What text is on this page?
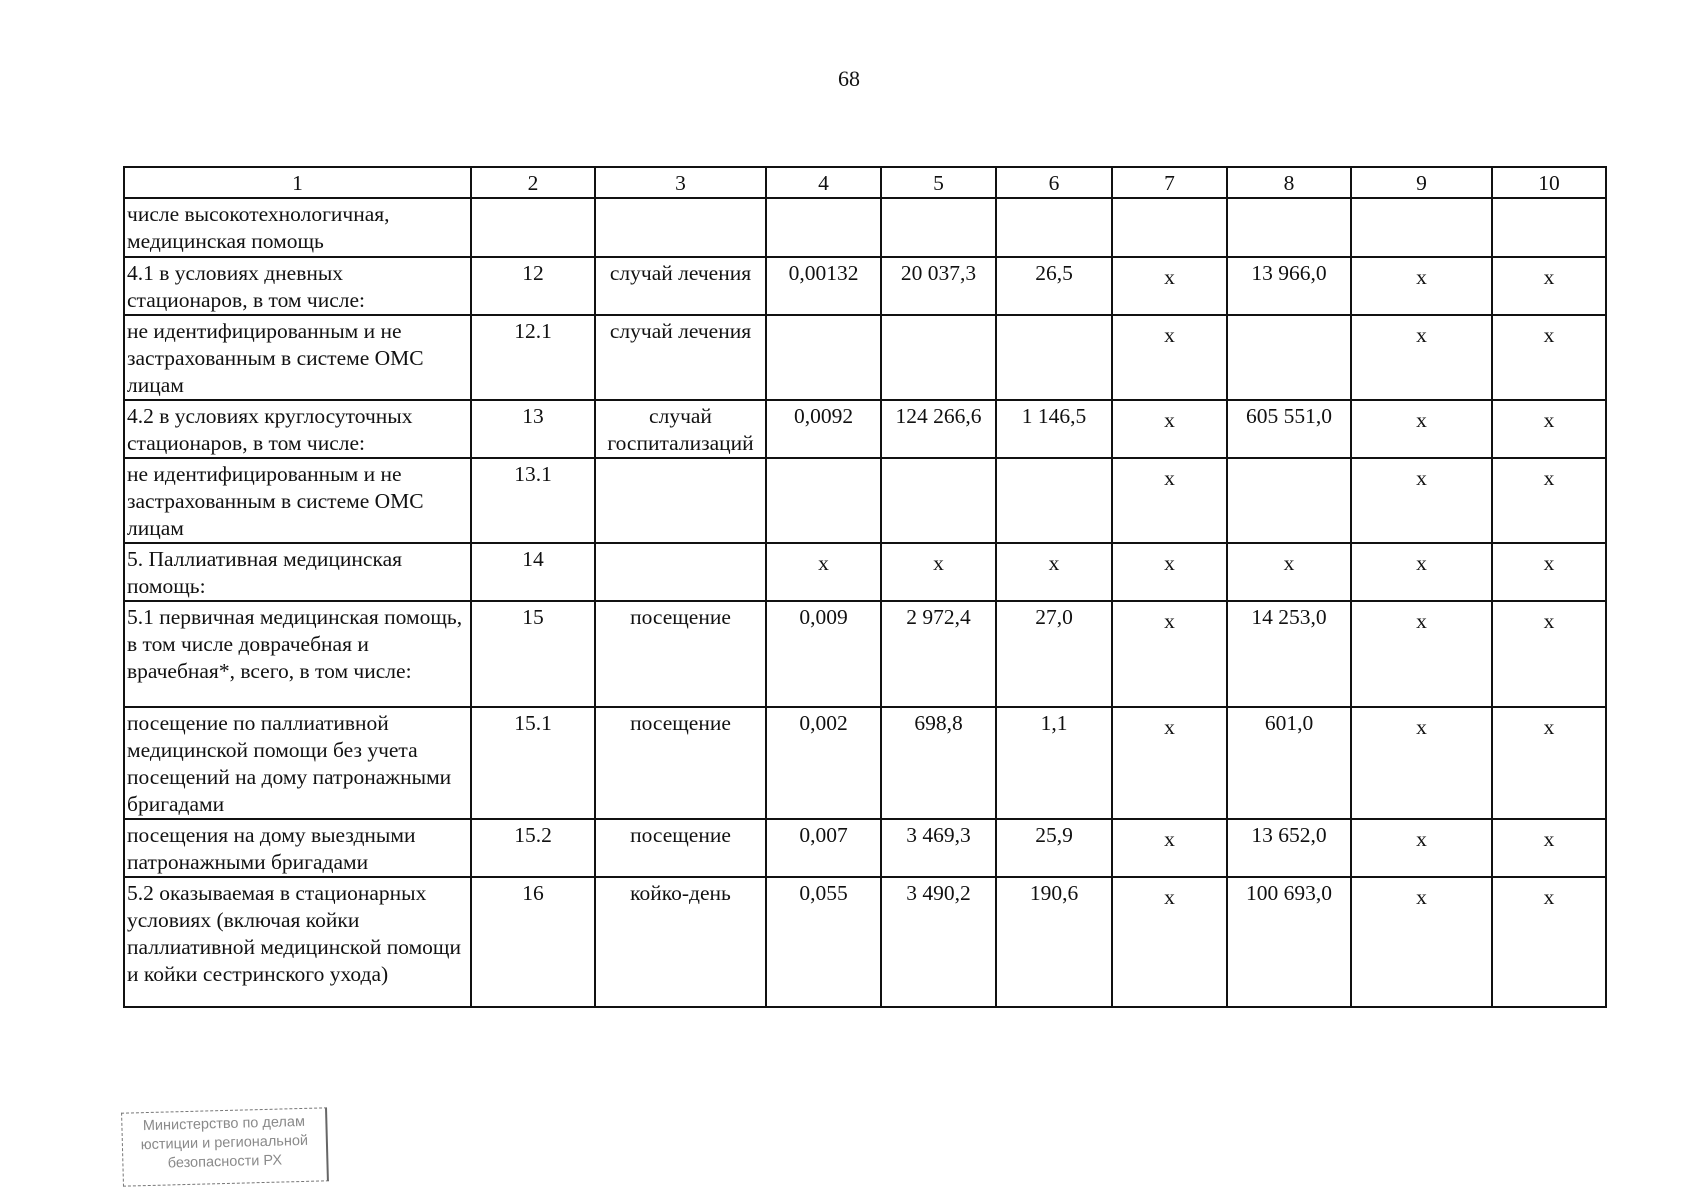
68
1	2	3	4	5	6	7	8	9	10
числе высокотехнологичная, медицинская помощь									
4.1 в условиях дневных стационаров, в том числе:	12	случай лечения	0,00132	20 037,3	26,5	х	13 966,0	х	х
не идентифицированным и не застрахованным в системе ОМС лицам	12.1	случай лечения				х		х	х
4.2 в условиях круглосуточных стационаров, в том числе:	13	случай госпитализаций	0,0092	124 266,6	1 146,5	х	605 551,0	х	х
не идентифицированным и не застрахованным в системе ОМС лицам	13.1					х		х	х
5. Паллиативная медицинская помощь:	14		х	х	х	х	х	х	х
5.1 первичная медицинская помощь, в том числе доврачебная и врачебная*, всего, в том числе:	15	посещение	0,009	2 972,4	27,0	х	14 253,0	х	х
посещение по паллиативной медицинской помощи без учета посещений на дому патронажными бригадами	15.1	посещение	0,002	698,8	1,1	х	601,0	х	х
посещения на дому выездными патронажными бригадами	15.2	посещение	0,007	3 469,3	25,9	х	13 652,0	х	х
5.2 оказываемая в стационарных условиях (включая койки паллиативной медицинской помощи и койки сестринского ухода)	16	койко-день	0,055	3 490,2	190,6	х	100 693,0	х	х
Министерство по делам
юстиции и региональной
безопасности РХ
